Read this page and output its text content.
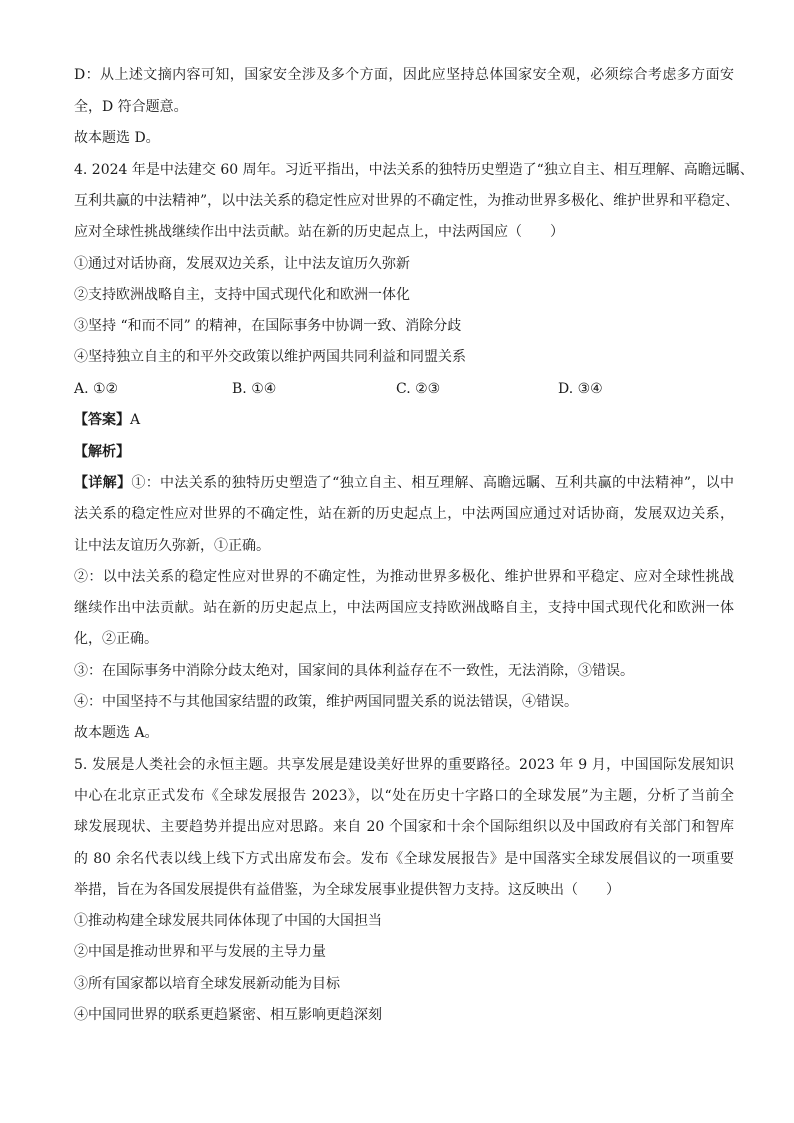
D：从上述文摘内容可知，国家安全涉及多个方面，因此应坚持总体国家安全观，必须综合考虑多方面安
全，D 符合题意。
故本题选 D。
4. 2024 年是中法建交 60 周年。习近平指出，中法关系的独特历史塑造了“独立自主、相互理解、高瞻远瞩、
互利共赢的中法精神”，以中法关系的稳定性应对世界的不确定性，为推动世界多极化、维护世界和平稳定、
应对全球性挑战继续作出中法贡献。站在新的历史起点上，中法两国应（　　）
①通过对话协商，发展双边关系，让中法友谊历久弥新
②支持欧洲战略自主，支持中国式现代化和欧洲一体化
③坚持 “和而不同” 的精神，在国际事务中协调一致、消除分歧
④坚持独立自主的和平外交政策以维护两国共同利益和同盟关系
A. ①②	B. ①④	C. ②③	D. ③④
【答案】A
【解析】
【详解】①：中法关系的独特历史塑造了“独立自主、相互理解、高瞻远瞩、互利共赢的中法精神”，以中
法关系的稳定性应对世界的不确定性，站在新的历史起点上，中法两国应通过对话协商，发展双边关系，
让中法友谊历久弥新，①正确。
②：以中法关系的稳定性应对世界的不确定性，为推动世界多极化、维护世界和平稳定、应对全球性挑战
继续作出中法贡献。站在新的历史起点上，中法两国应支持欧洲战略自主，支持中国式现代化和欧洲一体
化，②正确。
③：在国际事务中消除分歧太绝对，国家间的具体利益存在不一致性，无法消除，③错误。
④：中国坚持不与其他国家结盟的政策，维护两国同盟关系的说法错误，④错误。
故本题选 A。
5. 发展是人类社会的永恒主题。共享发展是建设美好世界的重要路径。2023 年 9 月，中国国际发展知识
中心在北京正式发布《全球发展报告 2023》，以“处在历史十字路口的全球发展”为主题，分析了当前全
球发展现状、主要趋势并提出应对思路。来自 20 个国家和十余个国际组织以及中国政府有关部门和智库
的 80 余名代表以线上线下方式出席发布会。发布《全球发展报告》是中国落实全球发展倡议的一项重要
举措，旨在为各国发展提供有益借鉴，为全球发展事业提供智力支持。这反映出（　　）
①推动构建全球发展共同体体现了中国的大国担当
②中国是推动世界和平与发展的主导力量
③所有国家都以培育全球发展新动能为目标
④中国同世界的联系更趋紧密、相互影响更趋深刻
